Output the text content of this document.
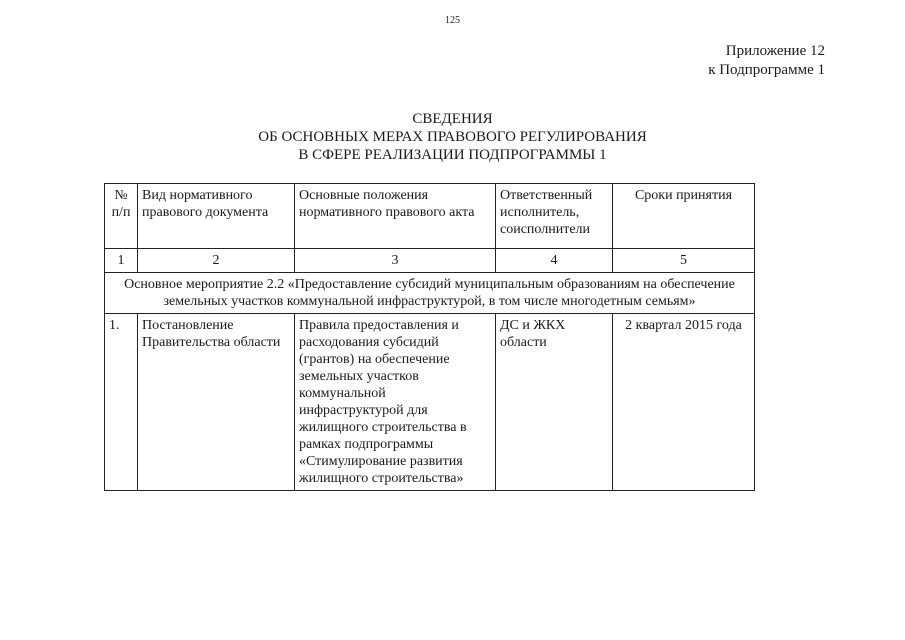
125
Приложение 12
к Подпрограмме 1
СВЕДЕНИЯ
ОБ ОСНОВНЫХ МЕРАХ ПРАВОВОГО РЕГУЛИРОВАНИЯ
В СФЕРЕ РЕАЛИЗАЦИИ ПОДПРОГРАММЫ 1
№ п/п	Вид нормативного правового документа	Основные положения нормативного правового акта	Ответственный исполнитель, соисполнители	Сроки принятия
1	2	3	4	5
Основное мероприятие 2.2 «Предоставление субсидий муниципальным образованиям на обеспечение земельных участков коммунальной инфраструктурой, в том числе многодетным семьям»				
1.	Постановление Правительства области	Правила предоставления и расходования субсидий (грантов) на обеспечение земельных участков коммунальной инфраструктурой для жилищного строительства в рамках подпрограммы «Стимулирование развития жилищного строительства»	ДС и ЖКХ области	2 квартал 2015 года
